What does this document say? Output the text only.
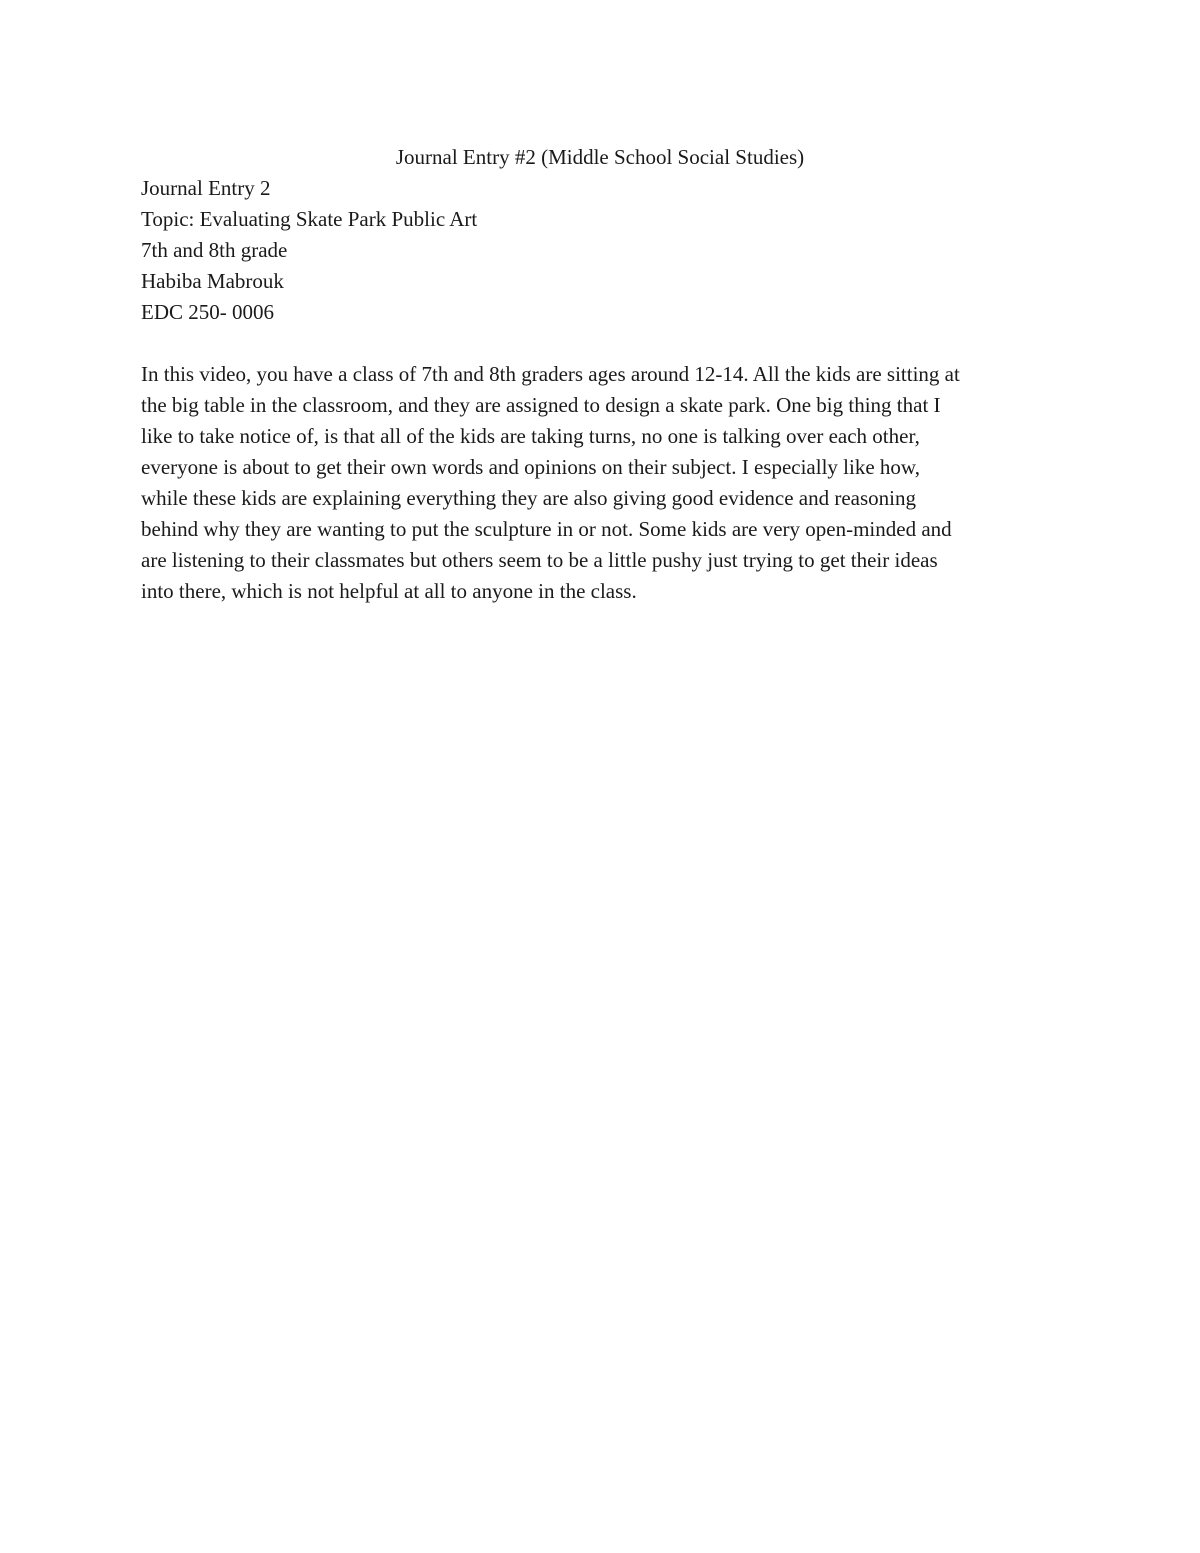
Journal Entry #2 (Middle School Social Studies)
Journal Entry 2
Topic: Evaluating Skate Park Public Art
7th and 8th grade
Habiba Mabrouk
EDC 250- 0006
In this video, you have a class of 7th and 8th graders ages around 12-14. All the kids are sitting at
the big table in the classroom, and they are assigned to design a skate park. One big thing that I
like to take notice of, is that all of the kids are taking turns, no one is talking over each other,
everyone is about to get their own words and opinions on their subject. I especially like how,
while these kids are explaining everything they are also giving good evidence and reasoning
behind why they are wanting to put the sculpture in or not. Some kids are very open-minded and
are listening to their classmates but others seem to be a little pushy just trying to get their ideas
into there, which is not helpful at all to anyone in the class.
